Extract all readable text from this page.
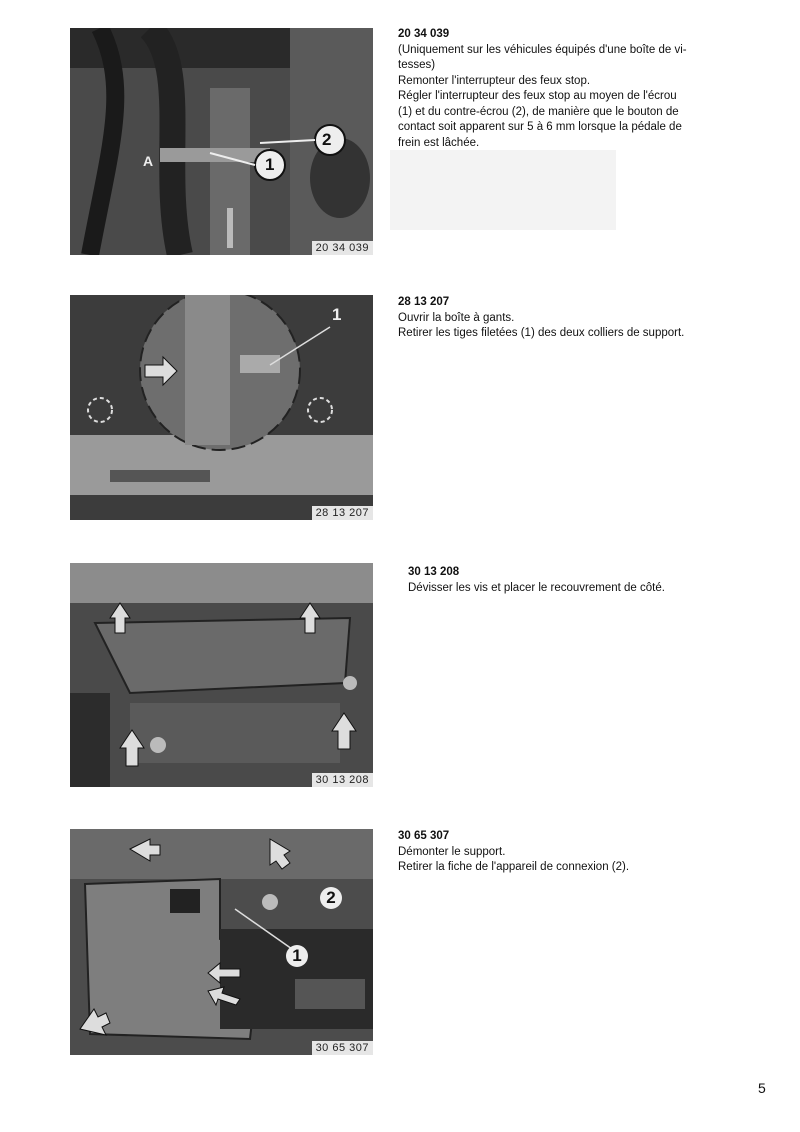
2
1
A
20 34 039
20 34 039
(Uniquement sur les véhicules équipés d'une boîte de vi-
tesses)
Remonter l'interrupteur des feux stop.
Régler l'interrupteur des feux stop au moyen de l'écrou
(1) et du contre-écrou (2), de manière que le bouton de
contact soit apparent sur 5 à 6 mm lorsque la pédale de
frein est lâchée.
1
28 13 207
28 13 207
Ouvrir la boîte à gants.
Retirer les tiges filetées (1) des deux colliers de support.
30 13 208
30 13 208
Dévisser les vis et placer le recouvrement de côté.
2
1
30 65 307
30 65 307
Démonter le support.
Retirer la fiche de l'appareil de connexion (2).
5
